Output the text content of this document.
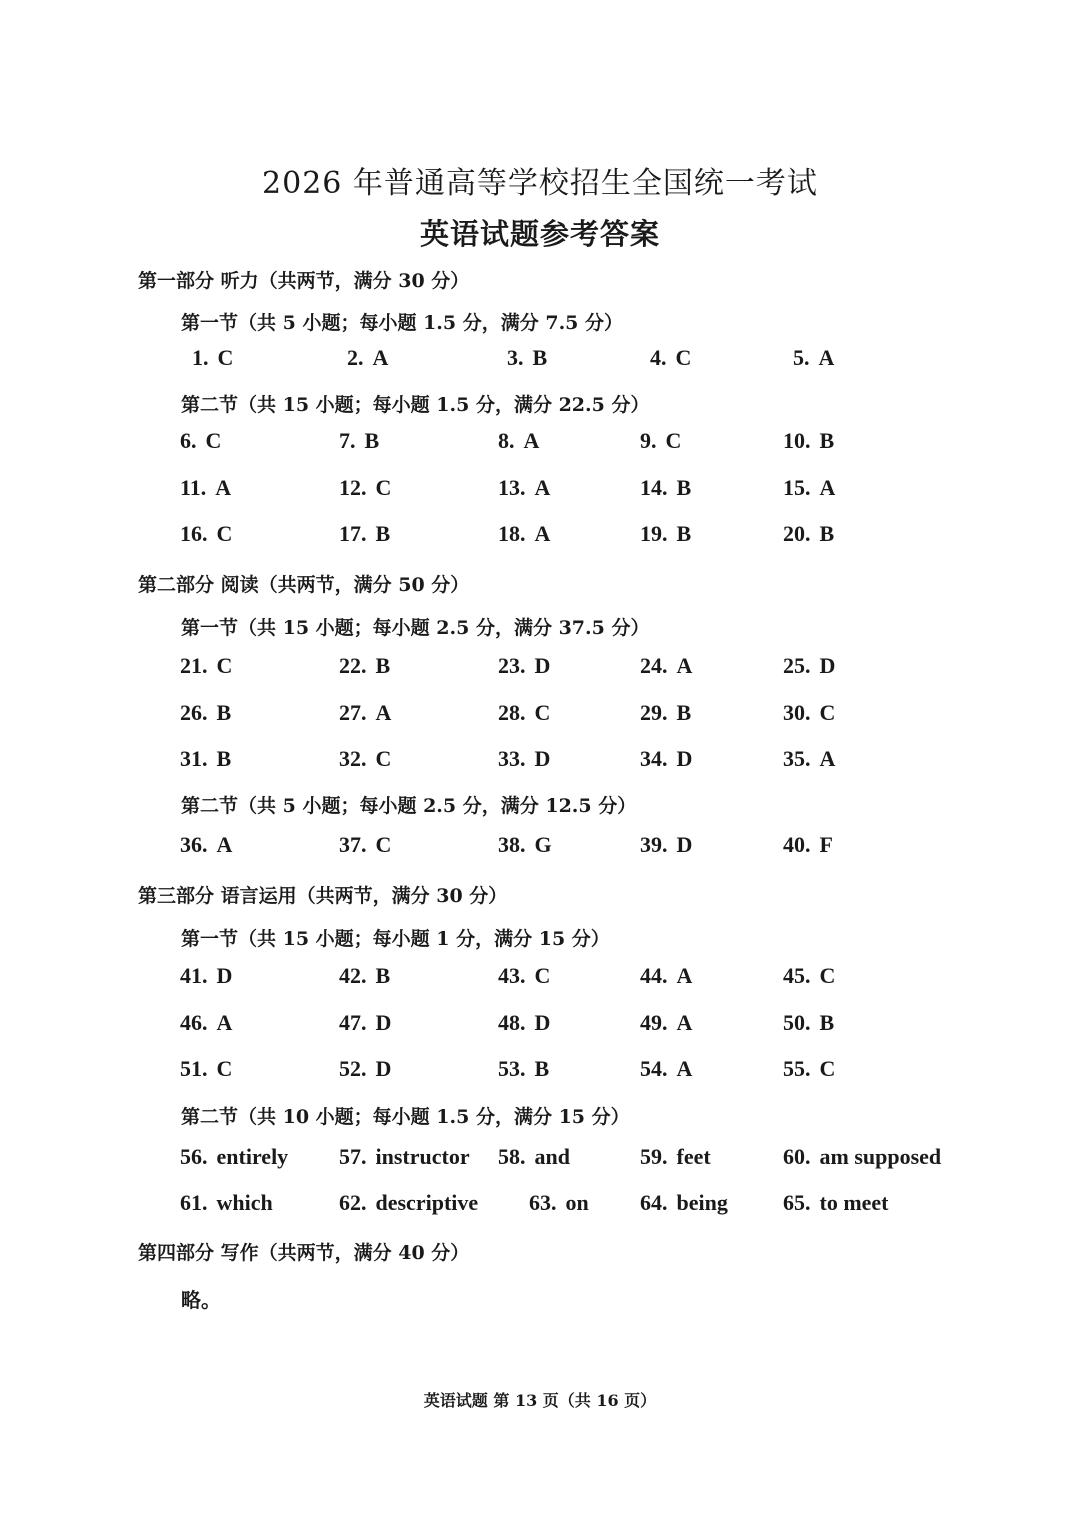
2026 年普通高等学校招生全国统一考试
英语试题参考答案
第一部分 听力（共两节，满分 30 分）
第一节（共 5 小题；每小题 1.5 分，满分 7.5 分）
1. C	2. A	3. B	4. C	5. A
第二节（共 15 小题；每小题 1.5 分，满分 22.5 分）
6. C	7. B	8. A	9. C	10. B
11. A	12. C	13. A	14. B	15. A
16. C	17. B	18. A	19. B	20. B
第二部分 阅读（共两节，满分 50 分）
第一节（共 15 小题；每小题 2.5 分，满分 37.5 分）
21. C	22. B	23. D	24. A	25. D
26. B	27. A	28. C	29. B	30. C
31. B	32. C	33. D	34. D	35. A
第二节（共 5 小题；每小题 2.5 分，满分 12.5 分）
36. A	37. C	38. G	39. D	40. F
第三部分 语言运用（共两节，满分 30 分）
第一节（共 15 小题；每小题 1 分，满分 15 分）
41. D	42. B	43. C	44. A	45. C
46. A	47. D	48. D	49. A	50. B
51. C	52. D	53. B	54. A	55. C
第二节（共 10 小题；每小题 1.5 分，满分 15 分）
56. entirely 57. instructor 58. and	59. feet	60. am supposed
61. which	62. descriptive 63. on 64. being	65. to meet
第四部分 写作（共两节，满分 40 分）
略。
英语试题 第 13 页（共 16 页）
